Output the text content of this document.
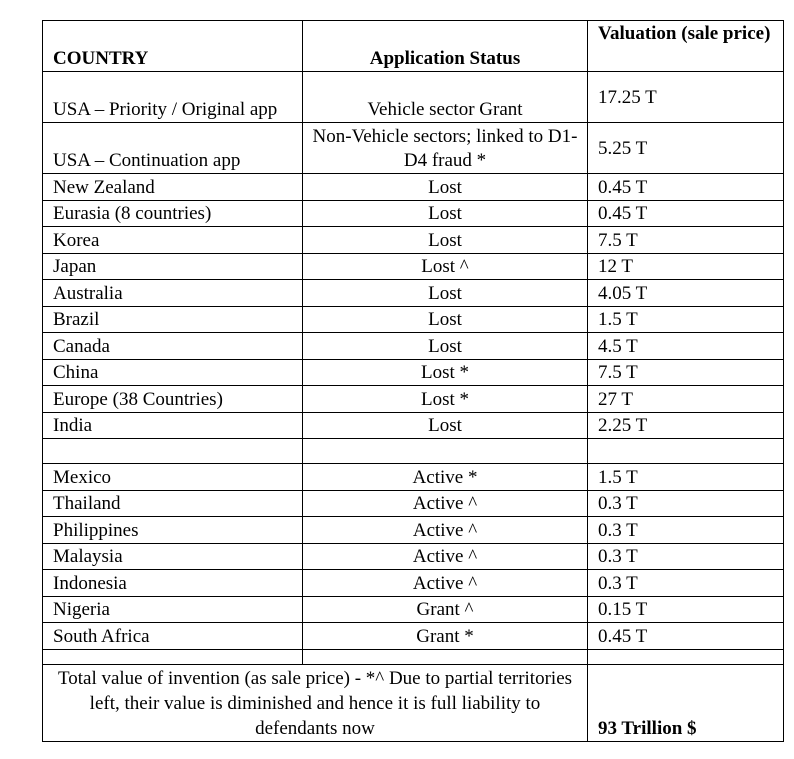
COUNTRY	Application Status	Valuation (sale price)
USA – Priority / Original app	Vehicle sector Grant	17.25 T
USA – Continuation app	Non-Vehicle sectors; linked to D1-D4 fraud *	5.25 T
New Zealand	Lost	0.45 T
Eurasia (8 countries)	Lost	0.45 T
Korea	Lost	7.5 T
Japan	Lost ^	12 T
Australia	Lost	4.05 T
Brazil	Lost	1.5 T
Canada	Lost	4.5 T
China	Lost *	7.5 T
Europe (38 Countries)	Lost *	27 T
India	Lost	2.25 T

Mexico	Active *	1.5 T
Thailand	Active ^	0.3 T
Philippines	Active ^	0.3 T
Malaysia	Active ^	0.3 T
Indonesia	Active ^	0.3 T
Nigeria	Grant ^	0.15 T
South Africa	Grant *	0.45 T

Total value of invention (as sale price) - *^ Due to partial territories left, their value is diminished and hence it is full liability to defendants now		93 Trillion $
